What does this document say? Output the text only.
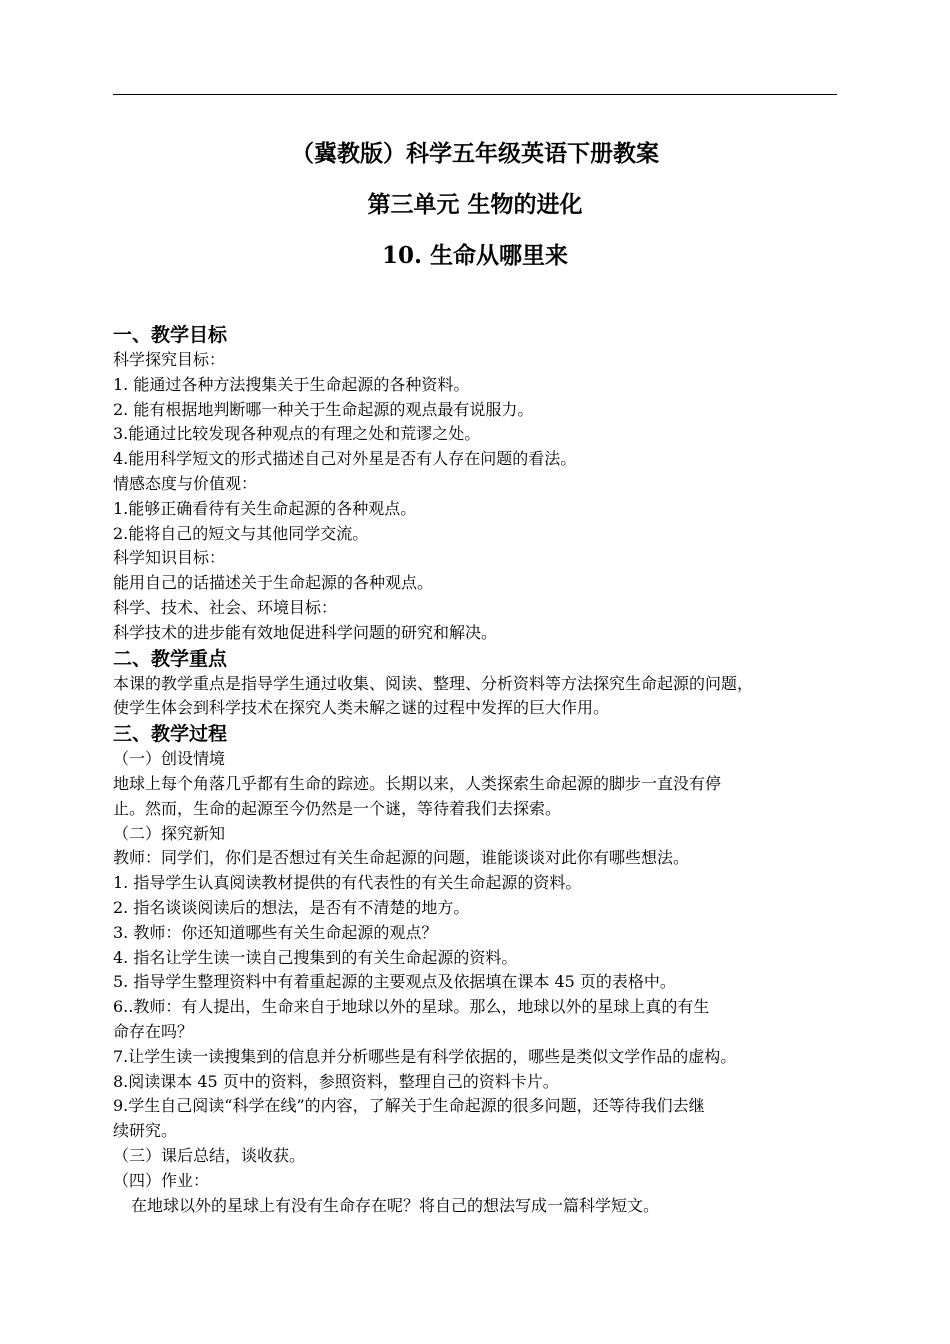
（冀教版）科学五年级英语下册教案
第三单元 生物的进化
10. 生命从哪里来
一、教学目标
科学探究目标：
1. 能通过各种方法搜集关于生命起源的各种资料。
2. 能有根据地判断哪一种关于生命起源的观点最有说服力。
3.能通过比较发现各种观点的有理之处和荒谬之处。
4.能用科学短文的形式描述自己对外星是否有人存在问题的看法。
情感态度与价值观：
1.能够正确看待有关生命起源的各种观点。
2.能将自己的短文与其他同学交流。
科学知识目标：
能用自己的话描述关于生命起源的各种观点。
科学、技术、社会、环境目标：
科学技术的进步能有效地促进科学问题的研究和解决。
二、教学重点
本课的教学重点是指导学生通过收集、阅读、整理、分析资料等方法探究生命起源的问题，
使学生体会到科学技术在探究人类未解之谜的过程中发挥的巨大作用。
三、教学过程
（一）创设情境
地球上每个角落几乎都有生命的踪迹。长期以来，人类探索生命起源的脚步一直没有停
止。然而，生命的起源至今仍然是一个谜，等待着我们去探索。
（二）探究新知
教师：同学们，你们是否想过有关生命起源的问题，谁能谈谈对此你有哪些想法。
1. 指导学生认真阅读教材提供的有代表性的有关生命起源的资料。
2. 指名谈谈阅读后的想法，是否有不清楚的地方。
3. 教师：你还知道哪些有关生命起源的观点？
4. 指名让学生读一读自己搜集到的有关生命起源的资料。
5. 指导学生整理资料中有着重起源的主要观点及依据填在课本 45 页的表格中。
6..教师：有人提出，生命来自于地球以外的星球。那么，地球以外的星球上真的有生
命存在吗？
7.让学生读一读搜集到的信息并分析哪些是有科学依据的，哪些是类似文学作品的虚构。
8.阅读课本 45 页中的资料，参照资料，整理自己的资料卡片。
9.学生自己阅读“科学在线”的内容，了解关于生命起源的很多问题，还等待我们去继
续研究。
（三）课后总结，谈收获。
（四）作业：
在地球以外的星球上有没有生命存在呢？将自己的想法写成一篇科学短文。
